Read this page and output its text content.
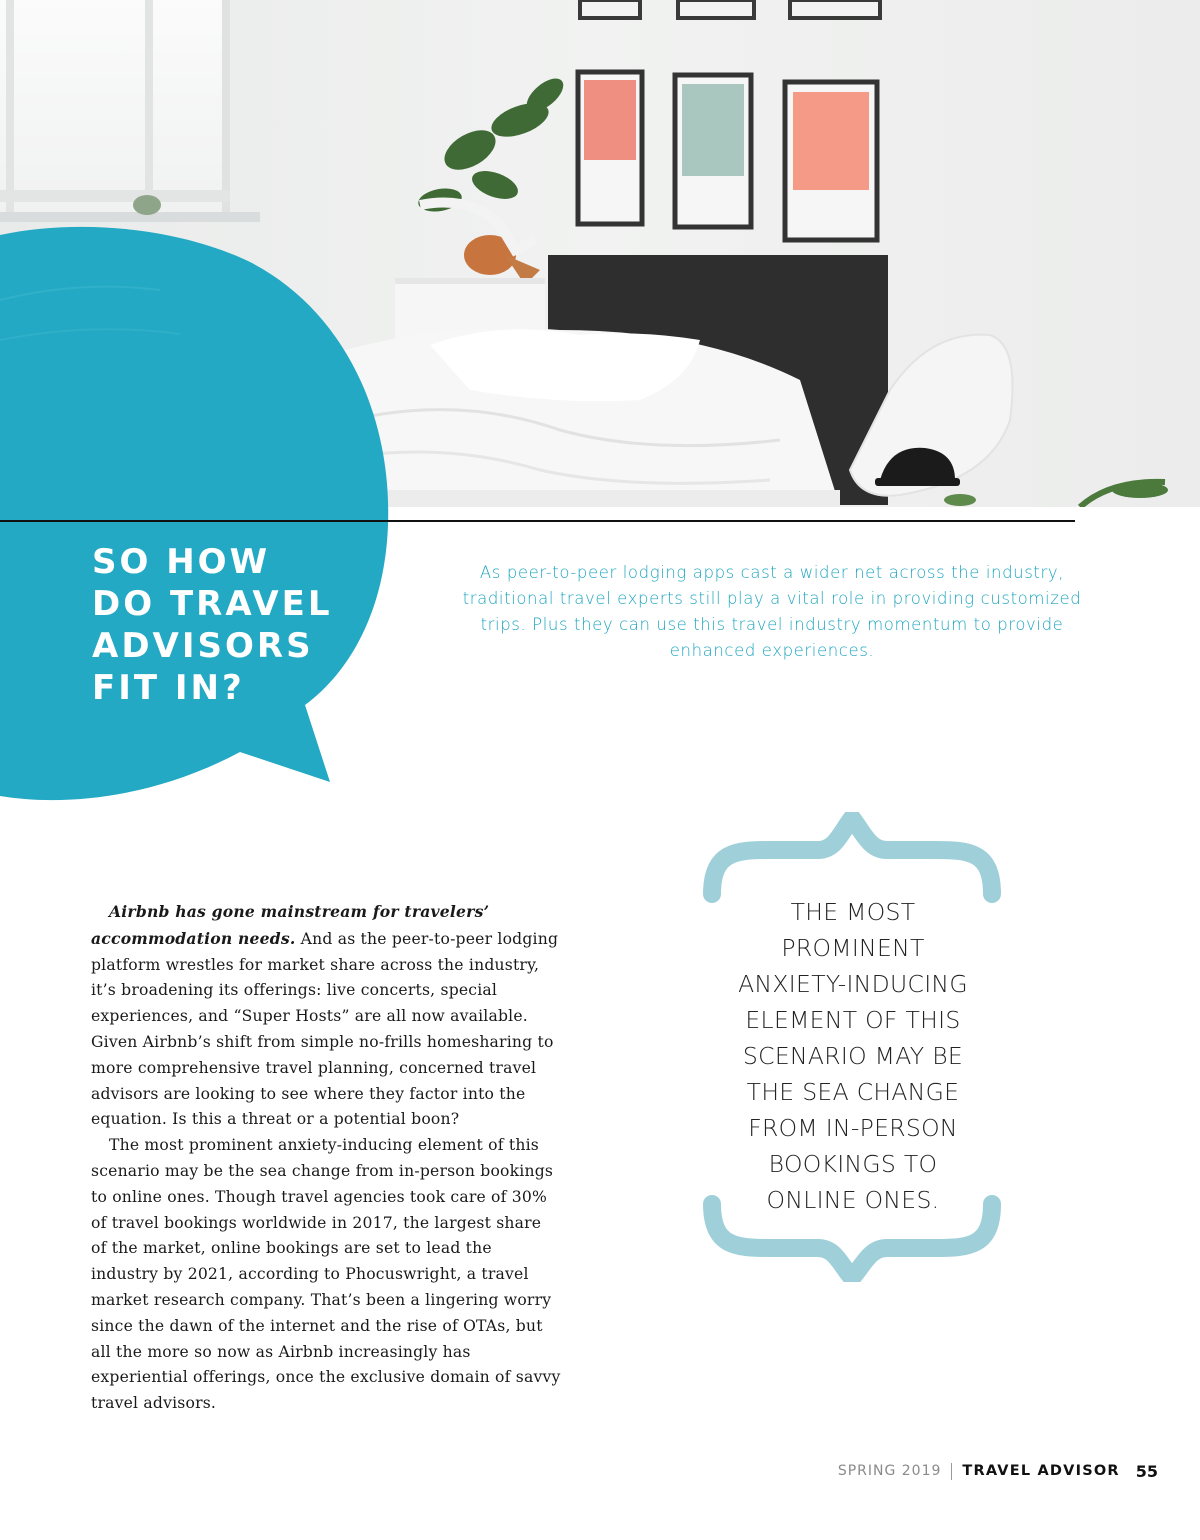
SO HOW
DO TRAVEL
ADVISORS
FIT IN?

As peer-to-peer lodging apps cast a wider net across the industry, traditional travel experts still play a vital role in providing customized trips. Plus they can use this travel industry momentum to provide enhanced experiences.

Airbnb has gone mainstream for travelers’ accommodation needs. And as the peer-to-peer lodging platform wrestles for market share across the industry, it’s broadening its offerings: live concerts, special experiences, and “Super Hosts” are all now available. Given Airbnb’s shift from simple no-frills homesharing to more comprehensive travel planning, concerned travel advisors are looking to see where they factor into the equation. Is this a threat or a potential boon?

The most prominent anxiety-inducing element of this scenario may be the sea change from in-person bookings to online ones. Though travel agencies took care of 30% of travel bookings worldwide in 2017, the largest share of the market, online bookings are set to lead the industry by 2021, according to Phocuswright, a travel market research company. That’s been a lingering worry since the dawn of the internet and the rise of OTAs, but all the more so now as Airbnb increasingly has experiential offerings, once the exclusive domain of savvy travel advisors.

THE MOST
PROMINENT
ANXIETY-INDUCING
ELEMENT OF THIS
SCENARIO MAY BE
THE SEA CHANGE
FROM IN-PERSON
BOOKINGS TO
ONLINE ONES.
SPRING 2019 TRAVEL ADVISOR 55
